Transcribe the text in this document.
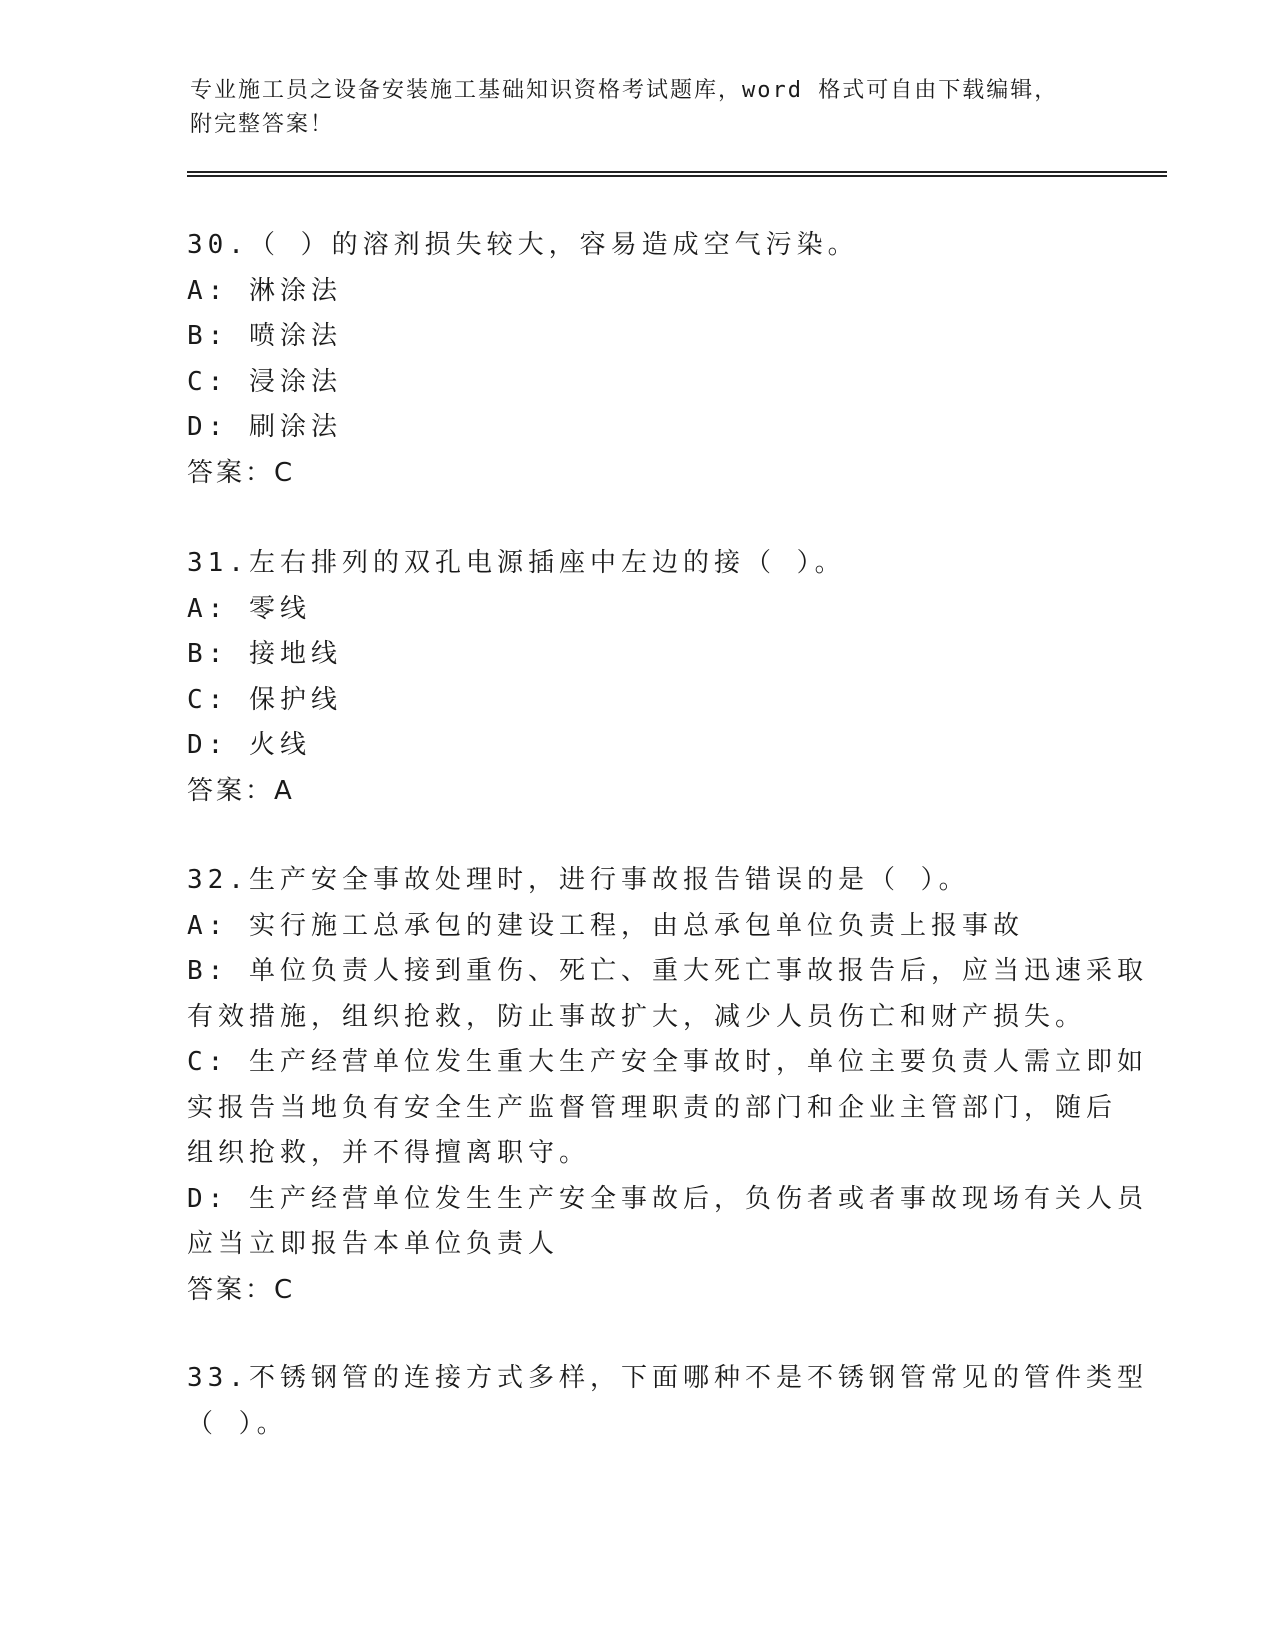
专业施工员之设备安装施工基础知识资格考试题库，word 格式可自由下载编辑，
附完整答案！
30.（ ）的溶剂损失较大，容易造成空气污染。
A: 淋涂法
B: 喷涂法
C: 浸涂法
D: 刷涂法
答案：C
31.左右排列的双孔电源插座中左边的接（ ）。
A: 零线
B: 接地线
C: 保护线
D: 火线
答案：A
32.生产安全事故处理时，进行事故报告错误的是（ ）。
A: 实行施工总承包的建设工程，由总承包单位负责上报事故
B: 单位负责人接到重伤、死亡、重大死亡事故报告后，应当迅速采取
有效措施，组织抢救，防止事故扩大，减少人员伤亡和财产损失。
C: 生产经营单位发生重大生产安全事故时，单位主要负责人需立即如
实报告当地负有安全生产监督管理职责的部门和企业主管部门，随后
组织抢救，并不得擅离职守。
D: 生产经营单位发生生产安全事故后，负伤者或者事故现场有关人员
应当立即报告本单位负责人
答案：C
33.不锈钢管的连接方式多样，下面哪种不是不锈钢管常见的管件类型
（ ）。
